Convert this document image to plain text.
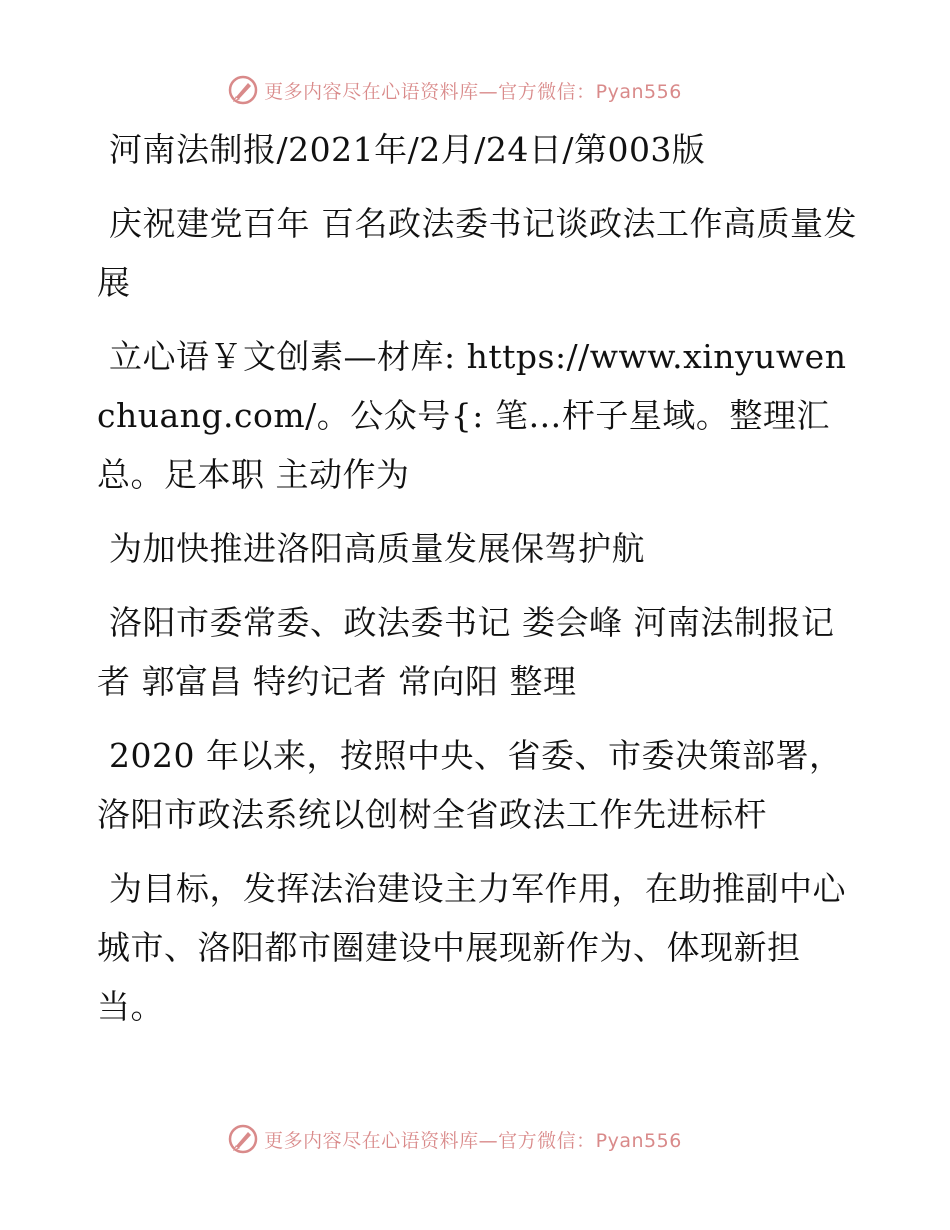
更多内容尽在心语资料库— 官方微信：Pyan556

河南法制报/2021年/2月/24日/第003版

庆祝建党百年 百名政法委书记谈政法工作高质量发展

立心语￥文创素—材库: https://www.xinyuwenchuang.com/。公众号{: 笔…杆子星域。整理汇总。足本职 主动作为

为加快推进洛阳高质量发展保驾护航

洛阳市委常委、政法委书记 娄会峰 河南法制报记者 郭富昌 特约记者 常向阳 整理

2020 年以来，按照中央、省委、市委决策部署，洛阳市政法系统以创树全省政法工作先进标杆

为目标，发挥法治建设主力军作用，在助推副中心城市、洛阳都市圈建设中展现新作为、体现新担当。

更多内容尽在心语资料库— 官方微信：Pyan556
